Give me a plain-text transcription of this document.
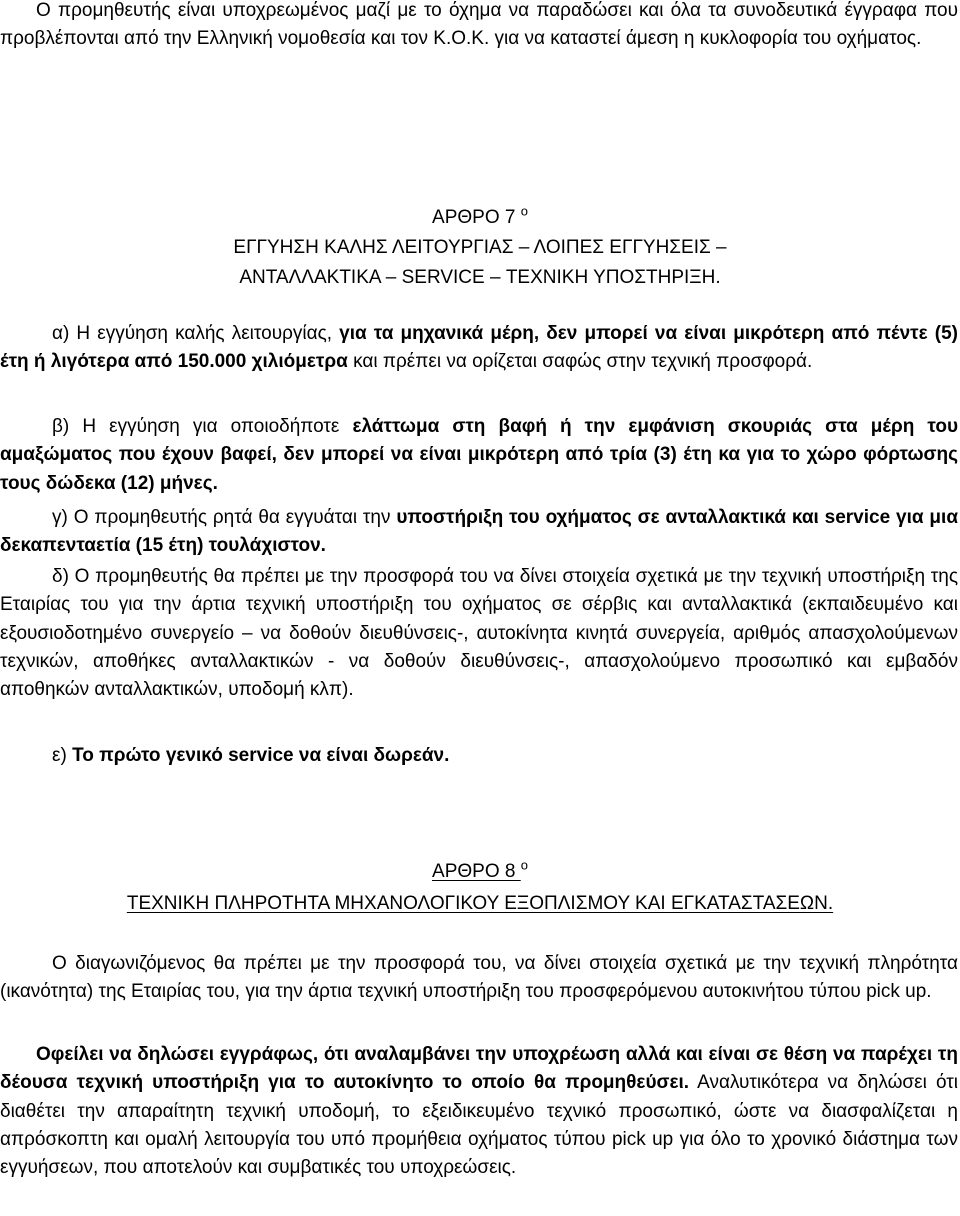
Ο προμηθευτής είναι υποχρεωμένος μαζί με το όχημα να παραδώσει και όλα τα συνοδευτικά έγγραφα που προβλέπονται από την Ελληνική νομοθεσία και τον Κ.Ο.Κ. για να καταστεί άμεση η κυκλοφορία του οχήματος.

ΑΡΘΡΟ 7 $^o$

ΕΓΓΥΗΣΗ ΚΑΛΗΣ ΛΕΙΤΟΥΡΓΙΑΣ – ΛΟΙΠΕΣ ΕΓΓΥΗΣΕΙΣ –

ΑΝΤΑΛΛΑΚΤΙΚΑ – SERVICE – ΤΕΧΝΙΚΗ ΥΠΟΣΤΗΡΙΞΗ.

α) Η εγγύηση καλής λειτουργίας, για τα μηχανικά μέρη, δεν μπορεί να είναι μικρότερη από πέντε (5) έτη ή λιγότερα από 150.000 χιλιόμετρα και πρέπει να ορίζεται σαφώς στην τεχνική προσφορά.

β) Η εγγύηση για οποιοδήποτε ελάττωμα στη βαφή ή την εμφάνιση σκουριάς στα μέρη του αμαξώματος που έχουν βαφεί, δεν μπορεί να είναι μικρότερη από τρία (3) έτη κα για το χώρο φόρτωσης τους δώδεκα (12) μήνες.

γ) Ο προμηθευτής ρητά θα εγγυάται την υποστήριξη του οχήματος σε ανταλλακτικά και service για μια δεκαπενταετία (15 έτη) τουλάχιστον.

δ) Ο προμηθευτής θα πρέπει με την προσφορά του να δίνει στοιχεία σχετικά με την τεχνική υποστήριξη της Εταιρίας του για την άρτια τεχνική υποστήριξη του οχήματος σε σέρβις και ανταλλακτικά (εκπαιδευμένο και εξουσιοδοτημένο συνεργείο – να δοθούν διευθύνσεις-, αυτοκίνητα κινητά συνεργεία, αριθμός απασχολούμενων τεχνικών, αποθήκες ανταλλακτικών - να δοθούν διευθύνσεις-, απασχολούμενο προσωπικό και εμβαδόν αποθηκών ανταλλακτικών, υποδομή κλπ).

ε) Το πρώτο γενικό service να είναι δωρεάν.

ΑΡΘΡΟ 8 $^o$

ΤΕΧΝΙΚΗ ΠΛΗΡΟΤΗΤΑ ΜΗΧΑΝΟΛΟΓΙΚΟΥ ΕΞΟΠΛΙΣΜΟΥ ΚΑΙ ΕΓΚΑΤΑΣΤΑΣΕΩΝ.

Ο διαγωνιζόμενος θα πρέπει με την προσφορά του, να δίνει στοιχεία σχετικά με την τεχνική πληρότητα (ικανότητα) της Εταιρίας του, για την άρτια τεχνική υποστήριξη του προσφερόμενου αυτοκινήτου τύπου pick up.

Οφείλει να δηλώσει εγγράφως, ότι αναλαμβάνει την υποχρέωση αλλά και είναι σε θέση να παρέχει τη δέουσα τεχνική υποστήριξη για το αυτοκίνητο το οποίο θα προμηθεύσει. Αναλυτικότερα να δηλώσει ότι διαθέτει την απαραίτητη τεχνική υποδομή, το εξειδικευμένο τεχνικό προσωπικό, ώστε να διασφαλίζεται η απρόσκοπτη και ομαλή λειτουργία του υπό προμήθεια οχήματος τύπου pick up για όλο το χρονικό διάστημα των εγγυήσεων, που αποτελούν και συμβατικές του υποχρεώσεις.
